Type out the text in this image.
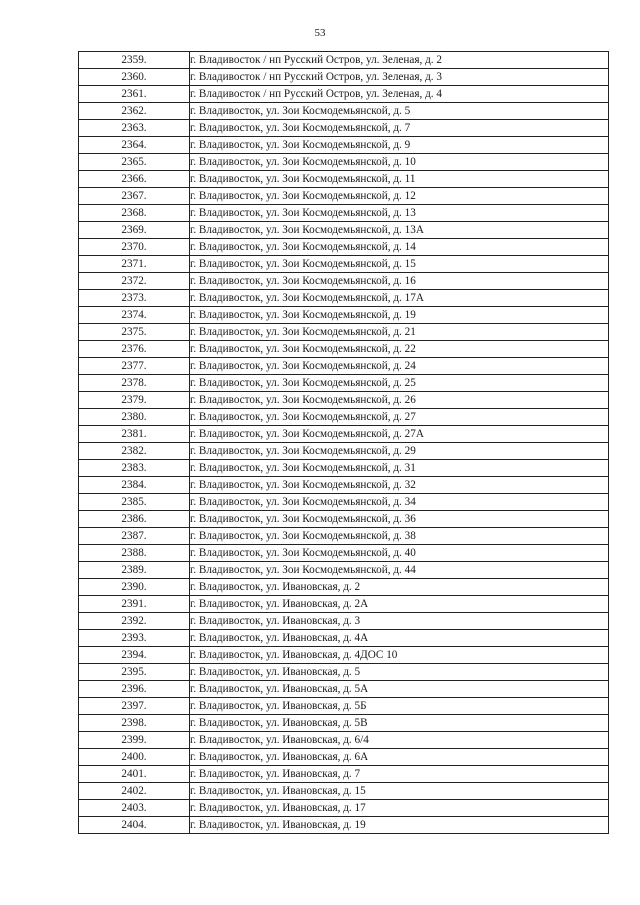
53
2359.	г. Владивосток / нп Русский Остров, ул. Зеленая, д. 2
2360.	г. Владивосток / нп Русский Остров, ул. Зеленая, д. 3
2361.	г. Владивосток / нп Русский Остров, ул. Зеленая, д. 4
2362.	г. Владивосток, ул. Зои Космодемьянской, д. 5
2363.	г. Владивосток, ул. Зои Космодемьянской, д. 7
2364.	г. Владивосток, ул. Зои Космодемьянской, д. 9
2365.	г. Владивосток, ул. Зои Космодемьянской, д. 10
2366.	г. Владивосток, ул. Зои Космодемьянской, д. 11
2367.	г. Владивосток, ул. Зои Космодемьянской, д. 12
2368.	г. Владивосток, ул. Зои Космодемьянской, д. 13
2369.	г. Владивосток, ул. Зои Космодемьянской, д. 13А
2370.	г. Владивосток, ул. Зои Космодемьянской, д. 14
2371.	г. Владивосток, ул. Зои Космодемьянской, д. 15
2372.	г. Владивосток, ул. Зои Космодемьянской, д. 16
2373.	г. Владивосток, ул. Зои Космодемьянской, д. 17А
2374.	г. Владивосток, ул. Зои Космодемьянской, д. 19
2375.	г. Владивосток, ул. Зои Космодемьянской, д. 21
2376.	г. Владивосток, ул. Зои Космодемьянской, д. 22
2377.	г. Владивосток, ул. Зои Космодемьянской, д. 24
2378.	г. Владивосток, ул. Зои Космодемьянской, д. 25
2379.	г. Владивосток, ул. Зои Космодемьянской, д. 26
2380.	г. Владивосток, ул. Зои Космодемьянской, д. 27
2381.	г. Владивосток, ул. Зои Космодемьянской, д. 27А
2382.	г. Владивосток, ул. Зои Космодемьянской, д. 29
2383.	г. Владивосток, ул. Зои Космодемьянской, д. 31
2384.	г. Владивосток, ул. Зои Космодемьянской, д. 32
2385.	г. Владивосток, ул. Зои Космодемьянской, д. 34
2386.	г. Владивосток, ул. Зои Космодемьянской, д. 36
2387.	г. Владивосток, ул. Зои Космодемьянской, д. 38
2388.	г. Владивосток, ул. Зои Космодемьянской, д. 40
2389.	г. Владивосток, ул. Зои Космодемьянской, д. 44
2390.	г. Владивосток, ул. Ивановская, д. 2
2391.	г. Владивосток, ул. Ивановская, д. 2А
2392.	г. Владивосток, ул. Ивановская, д. 3
2393.	г. Владивосток, ул. Ивановская, д. 4А
2394.	г. Владивосток, ул. Ивановская, д. 4ДОС 10
2395.	г. Владивосток, ул. Ивановская, д. 5
2396.	г. Владивосток, ул. Ивановская, д. 5А
2397.	г. Владивосток, ул. Ивановская, д. 5Б
2398.	г. Владивосток, ул. Ивановская, д. 5В
2399.	г. Владивосток, ул. Ивановская, д. 6/4
2400.	г. Владивосток, ул. Ивановская, д. 6А
2401.	г. Владивосток, ул. Ивановская, д. 7
2402.	г. Владивосток, ул. Ивановская, д. 15
2403.	г. Владивосток, ул. Ивановская, д. 17
2404.	г. Владивосток, ул. Ивановская, д. 19
